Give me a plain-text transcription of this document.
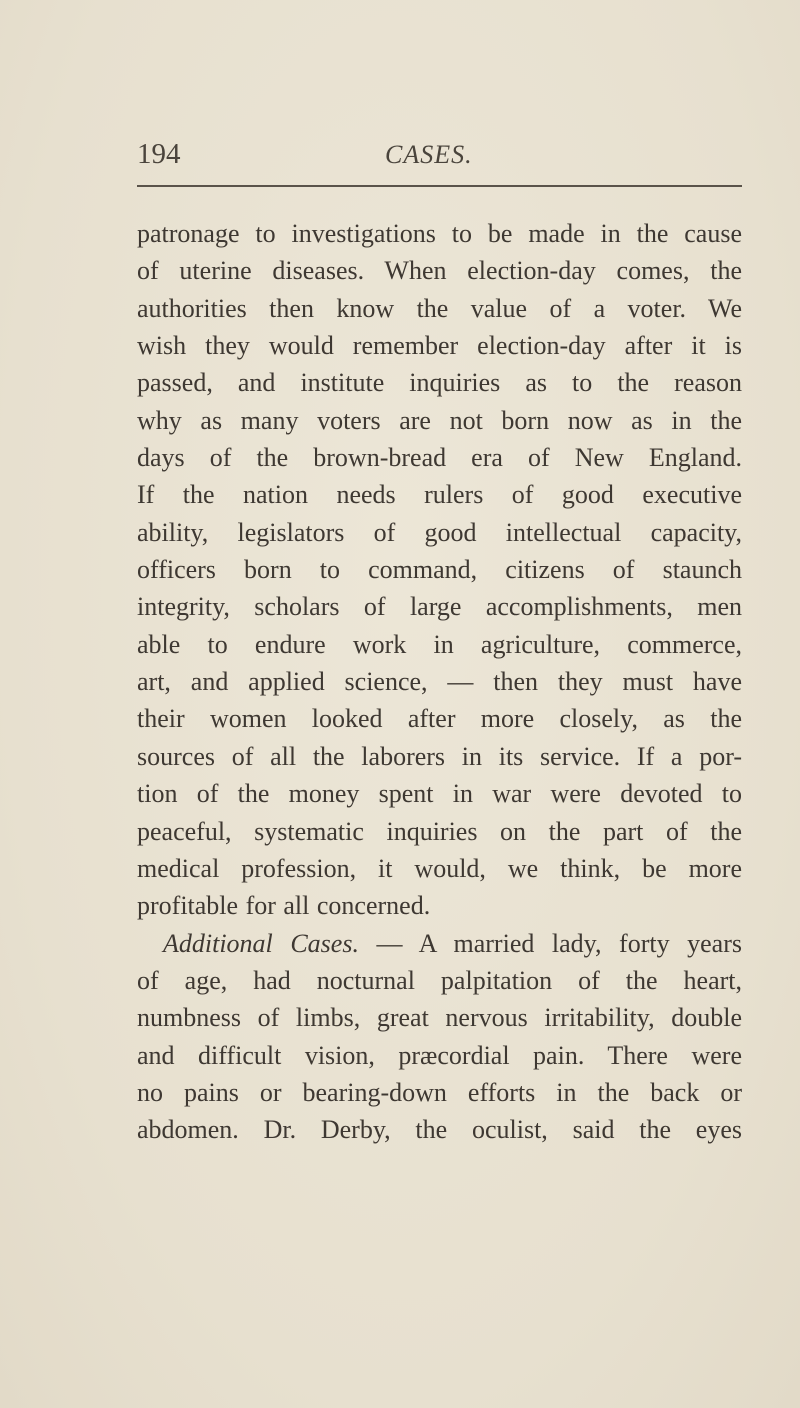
194	CASES.
patronage to investigations to be made in the cause
of uterine diseases. When election-day comes, the
authorities then know the value of a voter. We
wish they would remember election-day after it is
passed, and institute inquiries as to the reason
why as many voters are not born now as in the
days of the brown-bread era of New England.
If the nation needs rulers of good executive
ability, legislators of good intellectual capacity,
officers born to command, citizens of staunch
integrity, scholars of large accomplishments, men
able to endure work in agriculture, commerce,
art, and applied science, — then they must have
their women looked after more closely, as the
sources of all the laborers in its service. If a por-
tion of the money spent in war were devoted to
peaceful, systematic inquiries on the part of the
medical profession, it would, we think, be more
profitable for all concerned.
Additional Cases. — A married lady, forty years
of age, had nocturnal palpitation of the heart,
numbness of limbs, great nervous irritability, double
and difficult vision, præcordial pain. There were
no pains or bearing-down efforts in the back or
abdomen. Dr. Derby, the oculist, said the eyes
